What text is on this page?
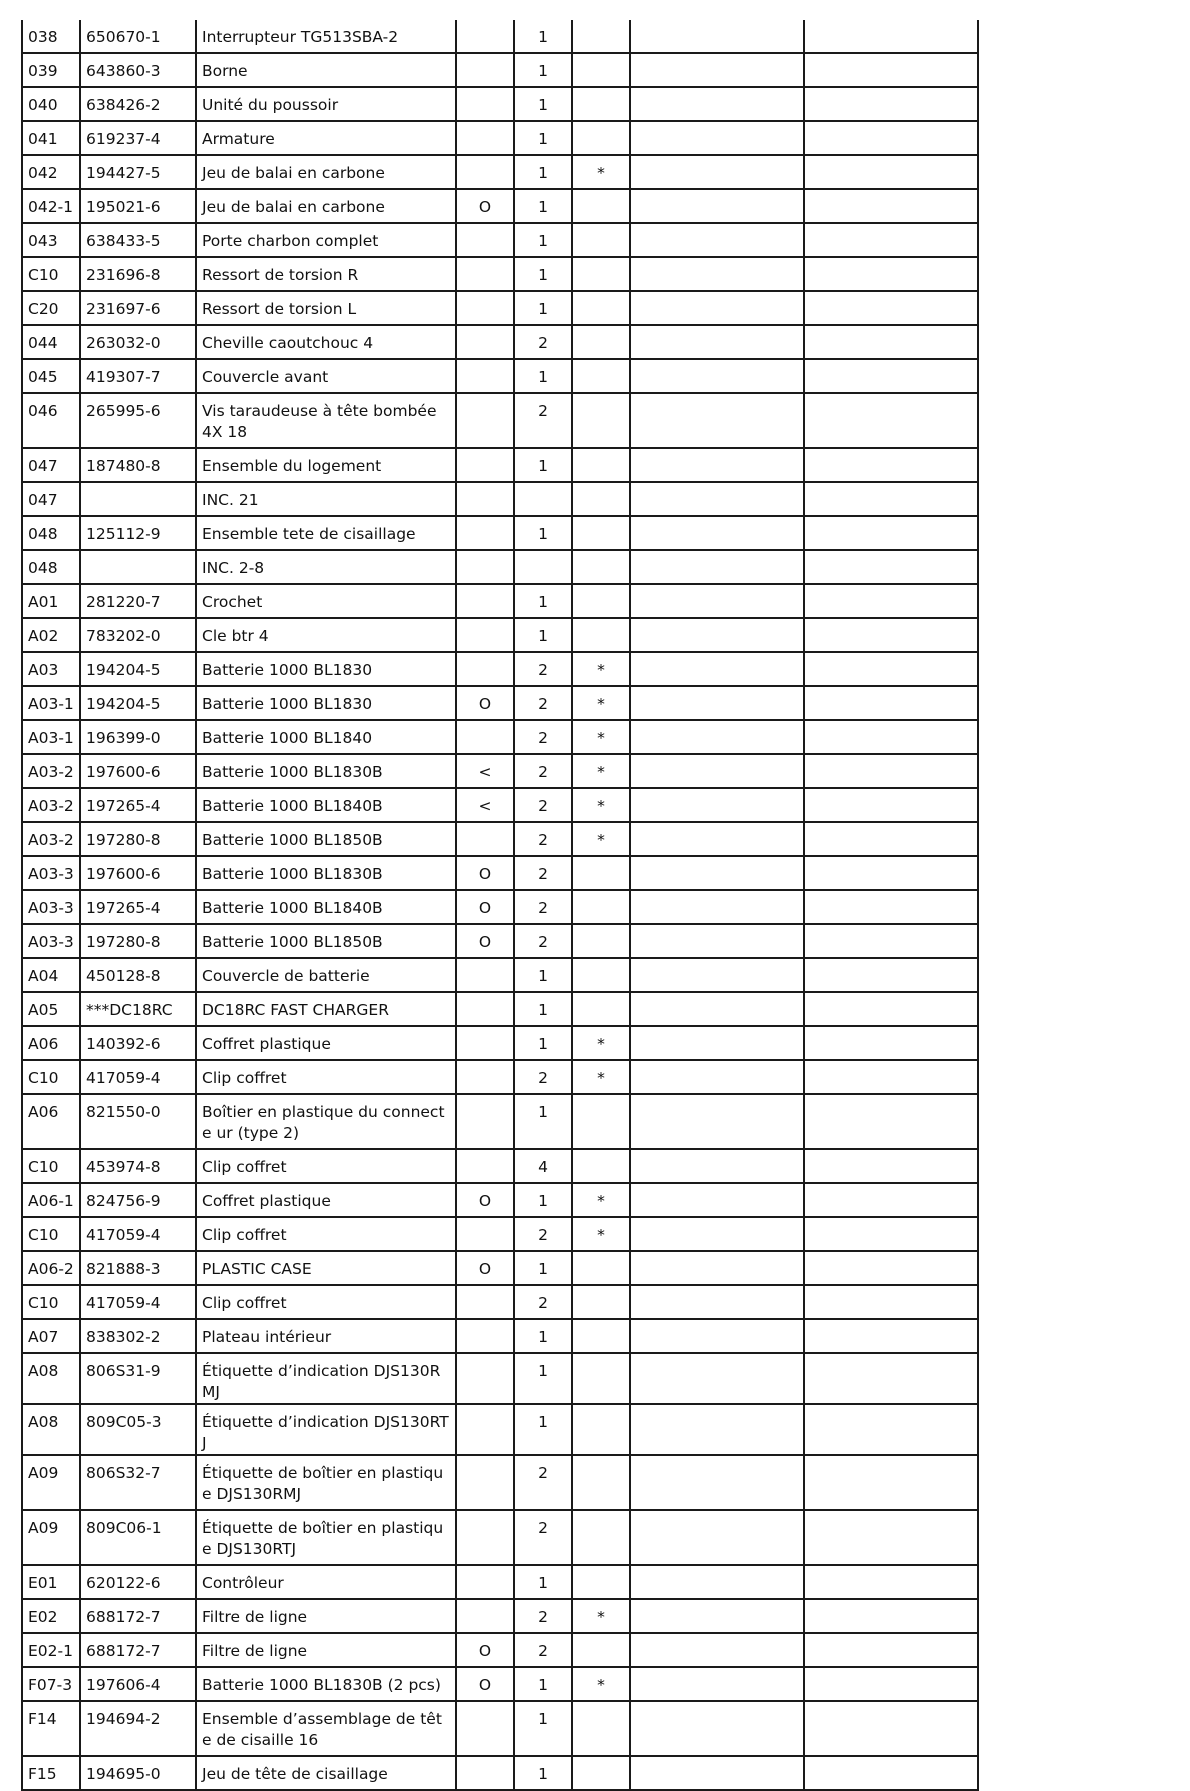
038	650670-1	Interrupteur TG513SBA-2		1			
039	643860-3	Borne		1			
040	638426-2	Unité du poussoir		1			
041	619237-4	Armature		1			
042	194427-5	Jeu de balai en carbone		1	*		
042-1	195021-6	Jeu de balai en carbone	O	1			
043	638433-5	Porte charbon complet		1			
C10	231696-8	Ressort de torsion R		1			
C20	231697-6	Ressort de torsion L		1			
044	263032-0	Cheville caoutchouc 4		2			
045	419307-7	Couvercle avant		1			
046	265995-6	Vis taraudeuse à tête bombée 4X 18		2			
047	187480-8	Ensemble du logement		1			
047		INC. 21					
048	125112-9	Ensemble tete de cisaillage		1			
048		INC. 2-8					
A01	281220-7	Crochet		1			
A02	783202-0	Cle btr 4		1			
A03	194204-5	Batterie 1000 BL1830		2	*		
A03-1	194204-5	Batterie 1000 BL1830	O	2	*		
A03-1	196399-0	Batterie 1000 BL1840		2	*		
A03-2	197600-6	Batterie 1000 BL1830B	<	2	*		
A03-2	197265-4	Batterie 1000 BL1840B	<	2	*		
A03-2	197280-8	Batterie 1000 BL1850B		2	*		
A03-3	197600-6	Batterie 1000 BL1830B	O	2			
A03-3	197265-4	Batterie 1000 BL1840B	O	2			
A03-3	197280-8	Batterie 1000 BL1850B	O	2			
A04	450128-8	Couvercle de batterie		1			
A05	***DC18RC	DC18RC FAST CHARGER		1			
A06	140392-6	Coffret plastique		1	*		
C10	417059-4	Clip coffret		2	*		
A06	821550-0	Boîtier en plastique du connecte ur (type 2)		1			
C10	453974-8	Clip coffret		4			
A06-1	824756-9	Coffret plastique	O	1	*		
C10	417059-4	Clip coffret		2	*		
A06-2	821888-3	PLASTIC CASE	O	1			
C10	417059-4	Clip coffret		2			
A07	838302-2	Plateau intérieur		1			
A08	806S31-9	Étiquette d’indication DJS130RMJ		1			
A08	809C05-3	Étiquette d’indication DJS130RTJ		1			
A09	806S32-7	Étiquette de boîtier en plastique DJS130RMJ		2			
A09	809C06-1	Étiquette de boîtier en plastique DJS130RTJ		2			
E01	620122-6	Contrôleur		1			
E02	688172-7	Filtre de ligne		2	*		
E02-1	688172-7	Filtre de ligne	O	2			
F07-3	197606-4	Batterie 1000 BL1830B (2 pcs)	O	1	*		
F14	194694-2	Ensemble d’assemblage de tête de cisaille 16		1			
F15	194695-0	Jeu de tête de cisaillage		1			
